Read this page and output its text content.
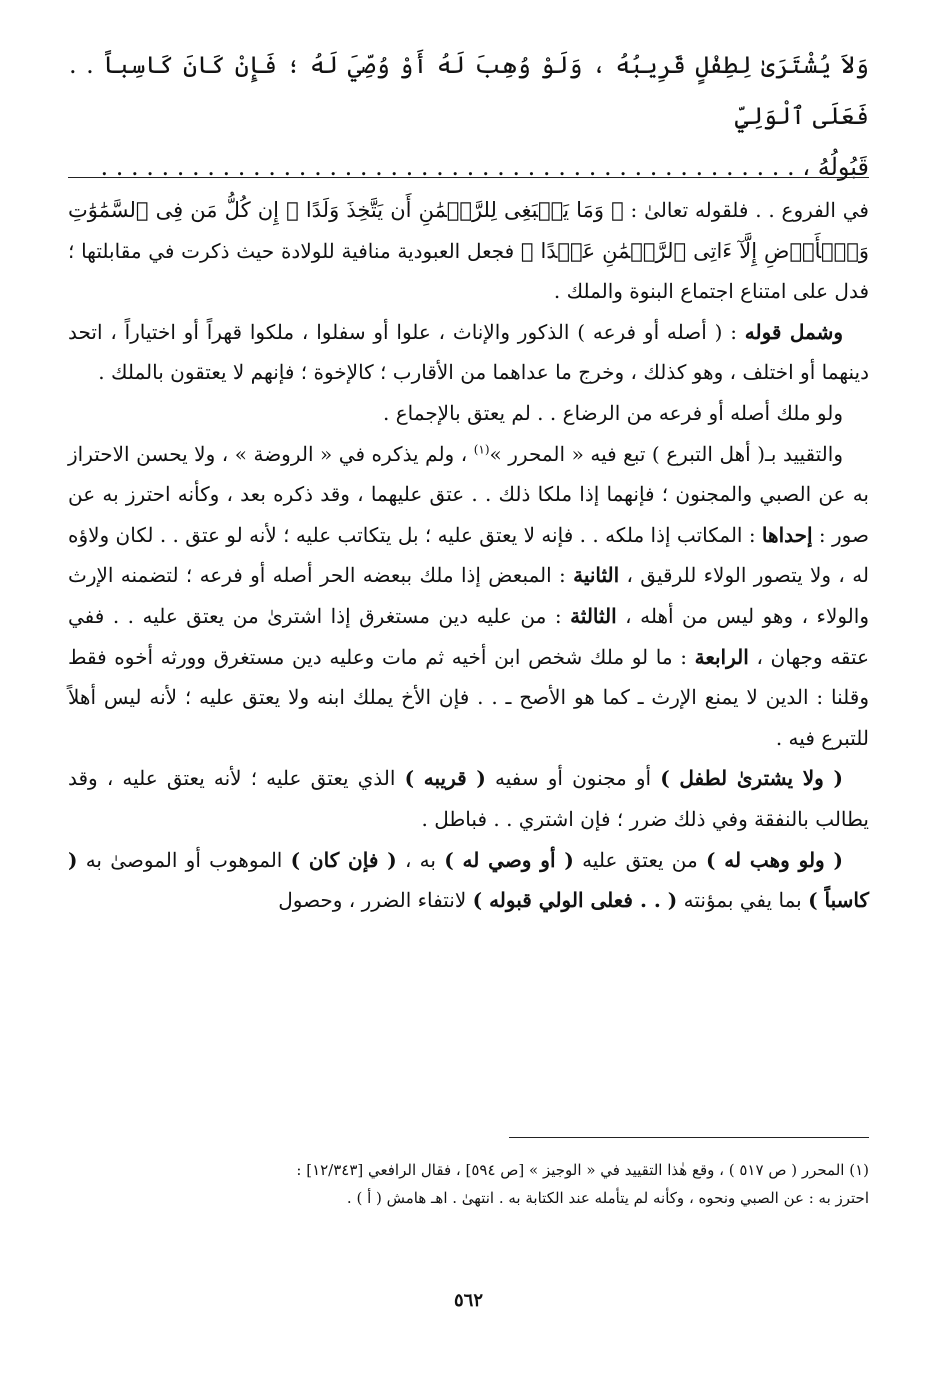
وَلاَ يُشْتَرَىٰ لِطِفْلٍ قَرِيبُهُ ، وَلَوْ وُهِبَ لَهُ أَوْ وُصِّيَ لَهُ ؛ فَإِنْ كَانَ كَاسِباً . . فَعَلَى ٱلْوَلِيِّ

قَبُولُهُ ، . . . . . . . . . . . . . . . . . . . . . . . . . . . . . . . . . . . . . . . . . . . . . .

في الفروع . . فلقوله تعالىٰ : ﴿ وَمَا يَنۢبَغِى لِلرَّحۡمَٰنِ أَن يَتَّخِذَ وَلَدًا ۞ إِن كُلُّ مَن فِى ٱلسَّمَٰوَٰتِ وَٱلۡأَرۡضِ إِلَّآ ءَاتِى ٱلرَّحۡمَٰنِ عَبۡدًا ﴾ فجعل العبودية منافية للولادة حيث ذكرت في مقابلتها ؛ فدل على امتناع اجتماع البنوة والملك .

وشمل قوله : ( أصله أو فرعه ) الذكور والإناث ، علوا أو سفلوا ، ملكوا قهراً أو اختياراً ، اتحد دينهما أو اختلف ، وهو كذلك ، وخرج ما عداهما من الأقارب ؛ كالإخوة ؛ فإنهم لا يعتقون بالملك .

ولو ملك أصله أو فرعه من الرضاع . . لم يعتق بالإجماع .

والتقييد بـ( أهل التبرع ) تبع فيه « المحرر »$^{(١)}$ ، ولم يذكره في « الروضة » ، ولا يحسن الاحتراز به عن الصبي والمجنون ؛ فإنهما إذا ملكا ذلك . . عتق عليهما ، وقد ذكره بعد ، وكأنه احترز به عن صور : إحداها : المكاتب إذا ملكه . . فإنه لا يعتق عليه ؛ بل يتكاتب عليه ؛ لأنه لو عتق . . لكان ولاؤه له ، ولا يتصور الولاء للرقيق ، الثانية : المبعض إذا ملك ببعضه الحر أصله أو فرعه ؛ لتضمنه الإرث والولاء ، وهو ليس من أهله ، الثالثة : من عليه دين مستغرق إذا اشترىٰ من يعتق عليه . . ففي عتقه وجهان ، الرابعة : ما لو ملك شخص ابن أخيه ثم مات وعليه دين مستغرق وورثه أخوه فقط وقلنا : الدين لا يمنع الإرث ـ كما هو الأصح ـ . . فإن الأخ يملك ابنه ولا يعتق عليه ؛ لأنه ليس أهلاً للتبرع فيه .

( ولا يشترىٰ لطفل ) أو مجنون أو سفيه ( قريبه ) الذي يعتق عليه ؛ لأنه يعتق عليه ، وقد يطالب بالنفقة وفي ذلك ضرر ؛ فإن اشتري . . فباطل .

( ولو وهب له ) من يعتق عليه ( أو وصي له ) به ، ( فإن كان ) الموهوب أو الموصىٰ به ( كاسباً ) بما يفي بمؤنته ( . . فعلى الولي قبوله ) لانتفاء الضرر ، وحصول

(١) المحرر ( ص ٥١٧ ) ، وقع هٰذا التقييد في « الوجيز » [ص ٥٩٤] ، فقال الرافعي [١٢/٣٤٣] :

احترز به : عن الصبي ونحوه ، وكأنه لم يتأمله عند الكتابة به . انتهىٰ . اهـ هامش ( أ ) .

٥٦٢
